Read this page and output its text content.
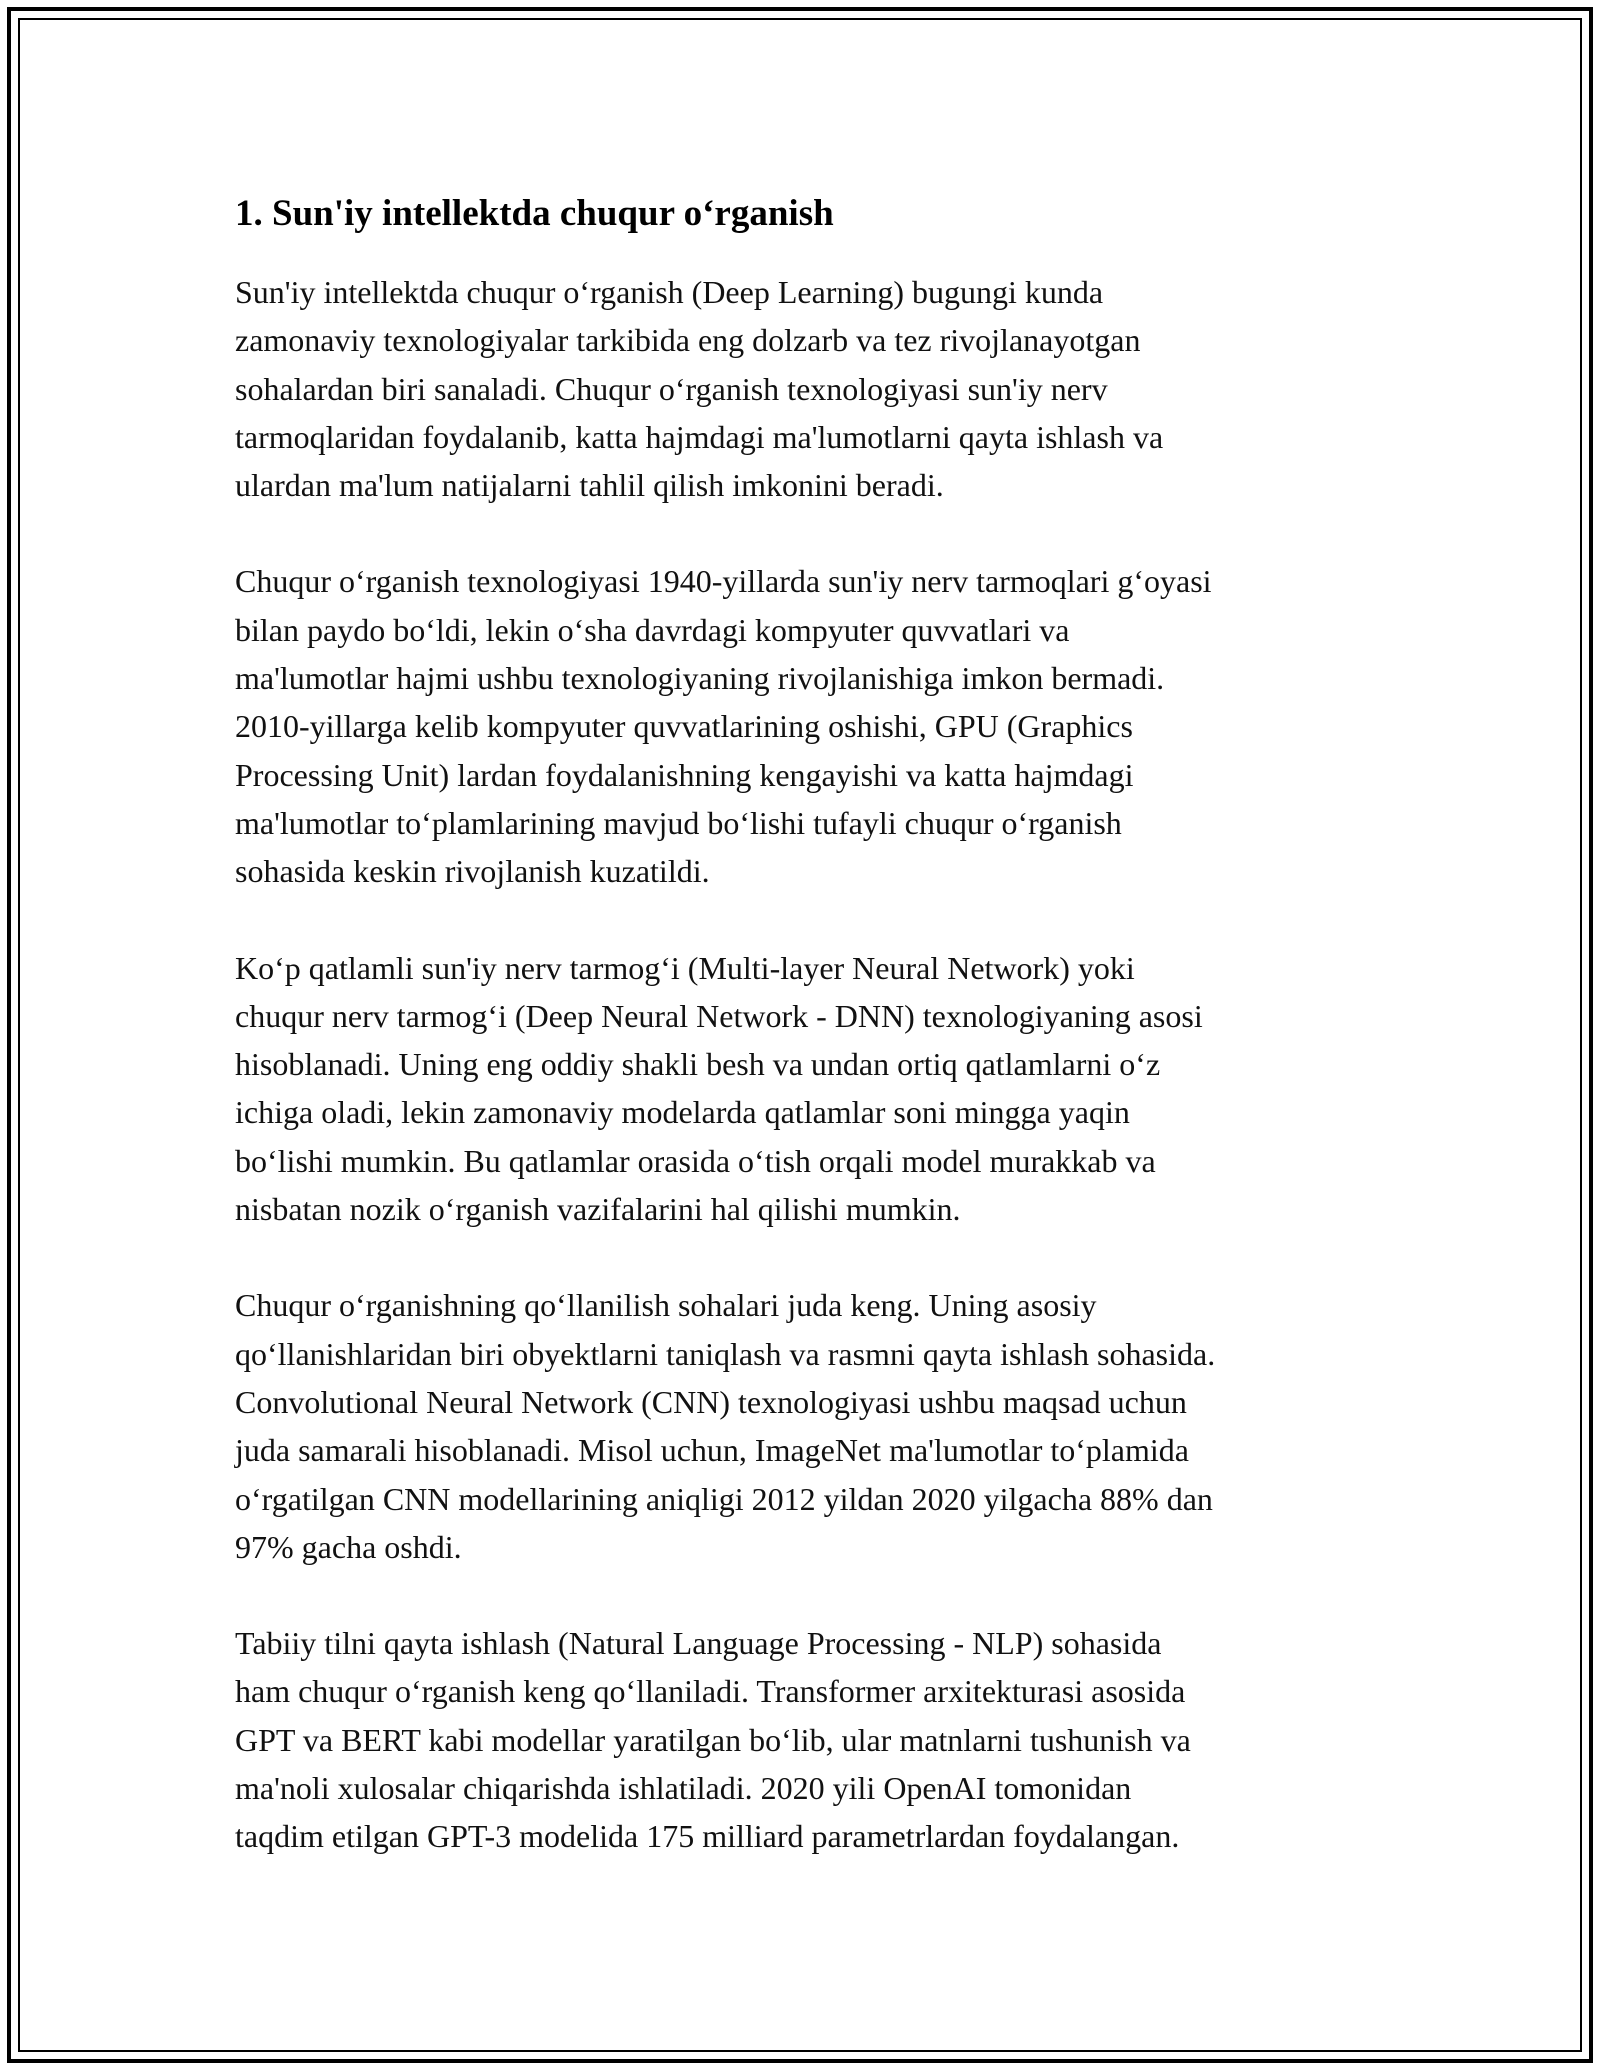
1. Sun'iy intellektda chuqur o‘rganish

Sun'iy intellektda chuqur o‘rganish (Deep Learning) bugungi kunda
zamonaviy texnologiyalar tarkibida eng dolzarb va tez rivojlanayotgan
sohalardan biri sanaladi. Chuqur o‘rganish texnologiyasi sun'iy nerv
tarmoqlaridan foydalanib, katta hajmdagi ma'lumotlarni qayta ishlash va
ulardan ma'lum natijalarni tahlil qilish imkonini beradi.

Chuqur o‘rganish texnologiyasi 1940-yillarda sun'iy nerv tarmoqlari g‘oyasi
bilan paydo bo‘ldi, lekin o‘sha davrdagi kompyuter quvvatlari va
ma'lumotlar hajmi ushbu texnologiyaning rivojlanishiga imkon bermadi.
2010-yillarga kelib kompyuter quvvatlarining oshishi, GPU (Graphics
Processing Unit) lardan foydalanishning kengayishi va katta hajmdagi
ma'lumotlar to‘plamlarining mavjud bo‘lishi tufayli chuqur o‘rganish
sohasida keskin rivojlanish kuzatildi.

Ko‘p qatlamli sun'iy nerv tarmog‘i (Multi-layer Neural Network) yoki
chuqur nerv tarmog‘i (Deep Neural Network - DNN) texnologiyaning asosi
hisoblanadi. Uning eng oddiy shakli besh va undan ortiq qatlamlarni o‘z
ichiga oladi, lekin zamonaviy modelarda qatlamlar soni mingga yaqin
bo‘lishi mumkin. Bu qatlamlar orasida o‘tish orqali model murakkab va
nisbatan nozik o‘rganish vazifalarini hal qilishi mumkin.

Chuqur o‘rganishning qo‘llanilish sohalari juda keng. Uning asosiy
qo‘llanishlaridan biri obyektlarni taniqlash va rasmni qayta ishlash sohasida.
Convolutional Neural Network (CNN) texnologiyasi ushbu maqsad uchun
juda samarali hisoblanadi. Misol uchun, ImageNet ma'lumotlar to‘plamida
o‘rgatilgan CNN modellarining aniqligi 2012 yildan 2020 yilgacha 88% dan
97% gacha oshdi.

Tabiiy tilni qayta ishlash (Natural Language Processing - NLP) sohasida
ham chuqur o‘rganish keng qo‘llaniladi. Transformer arxitekturasi asosida
GPT va BERT kabi modellar yaratilgan bo‘lib, ular matnlarni tushunish va
ma'noli xulosalar chiqarishda ishlatiladi. 2020 yili OpenAI tomonidan
taqdim etilgan GPT-3 modelida 175 milliard parametrlardan foydalangan.
